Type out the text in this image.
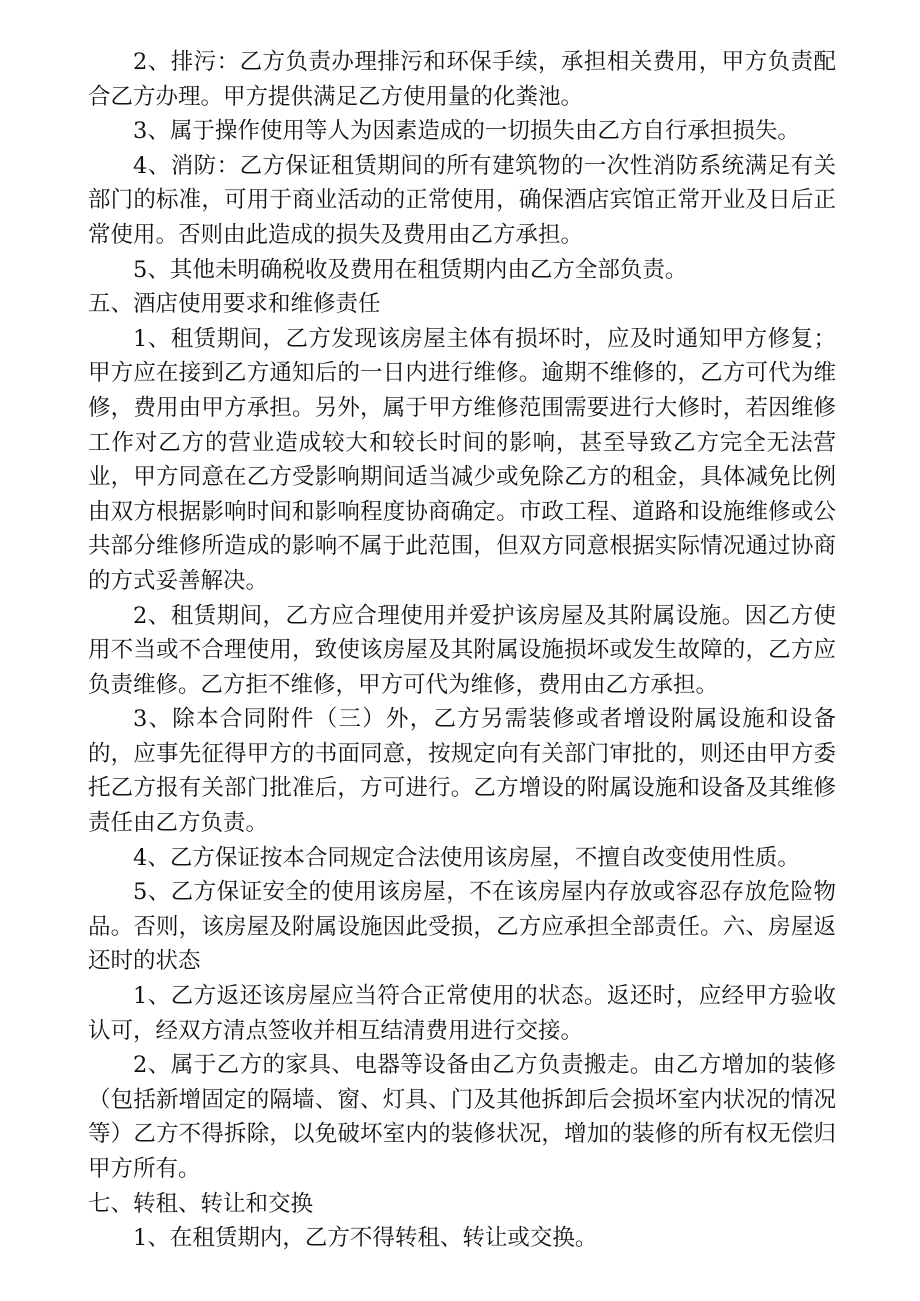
2、排污：乙方负责办理排污和环保手续，承担相关费用，甲方负责配合乙方办理。甲方提供满足乙方使用量的化粪池。

3、属于操作使用等人为因素造成的一切损失由乙方自行承担损失。

4、消防：乙方保证租赁期间的所有建筑物的一次性消防系统满足有关部门的标准，可用于商业活动的正常使用，确保酒店宾馆正常开业及日后正常使用。否则由此造成的损失及费用由乙方承担。

5、其他未明确税收及费用在租赁期内由乙方全部负责。

五、酒店使用要求和维修责任

1、租赁期间，乙方发现该房屋主体有损坏时，应及时通知甲方修复；甲方应在接到乙方通知后的一日内进行维修。逾期不维修的，乙方可代为维修，费用由甲方承担。另外，属于甲方维修范围需要进行大修时，若因维修工作对乙方的营业造成较大和较长时间的影响，甚至导致乙方完全无法营业，甲方同意在乙方受影响期间适当减少或免除乙方的租金，具体减免比例由双方根据影响时间和影响程度协商确定。市政工程、道路和设施维修或公共部分维修所造成的影响不属于此范围，但双方同意根据实际情况通过协商的方式妥善解决。

2、租赁期间，乙方应合理使用并爱护该房屋及其附属设施。因乙方使用不当或不合理使用，致使该房屋及其附属设施损坏或发生故障的，乙方应负责维修。乙方拒不维修，甲方可代为维修，费用由乙方承担。

3、除本合同附件（三）外，乙方另需装修或者增设附属设施和设备的，应事先征得甲方的书面同意，按规定向有关部门审批的，则还由甲方委托乙方报有关部门批准后，方可进行。乙方增设的附属设施和设备及其维修责任由乙方负责。

4、乙方保证按本合同规定合法使用该房屋，不擅自改变使用性质。

5、乙方保证安全的使用该房屋，不在该房屋内存放或容忍存放危险物品。否则，该房屋及附属设施因此受损，乙方应承担全部责任。六、房屋返还时的状态

1、乙方返还该房屋应当符合正常使用的状态。返还时，应经甲方验收认可，经双方清点签收并相互结清费用进行交接。

2、属于乙方的家具、电器等设备由乙方负责搬走。由乙方增加的装修（包括新增固定的隔墙、窗、灯具、门及其他拆卸后会损坏室内状况的情况等）乙方不得拆除，以免破坏室内的装修状况，增加的装修的所有权无偿归甲方所有。

七、转租、转让和交换

1、在租赁期内，乙方不得转租、转让或交换。
